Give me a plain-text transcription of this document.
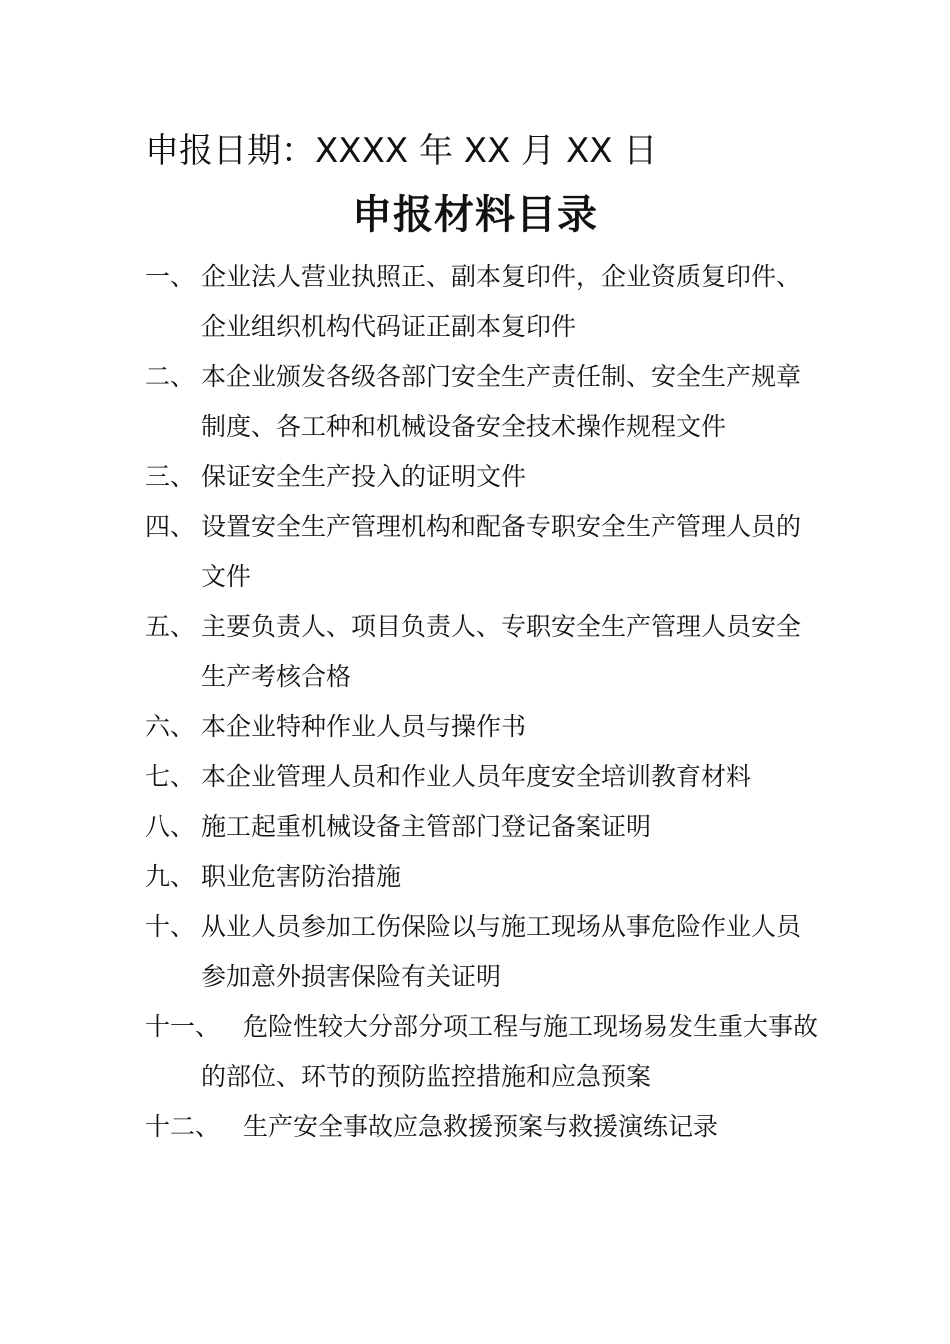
申报日期：XXXX 年 XX 月 XX 日
申报材料目录
一、 企业法人营业执照正、副本复印件，企业资质复印件、企业组织机构代码证正副本复印件
二、 本企业颁发各级各部门安全生产责任制、安全生产规章制度、各工种和机械设备安全技术操作规程文件
三、 保证安全生产投入的证明文件
四、 设置安全生产管理机构和配备专职安全生产管理人员的文件
五、 主要负责人、项目负责人、专职安全生产管理人员安全生产考核合格
六、 本企业特种作业人员与操作书
七、 本企业管理人员和作业人员年度安全培训教育材料
八、 施工起重机械设备主管部门登记备案证明
九、 职业危害防治措施
十、 从业人员参加工伤保险以与施工现场从事危险作业人员参加意外损害保险有关证明
十一、 危险性较大分部分项工程与施工现场易发生重大事故的部位、环节的预防监控措施和应急预案
十二、 生产安全事故应急救援预案与救援演练记录
